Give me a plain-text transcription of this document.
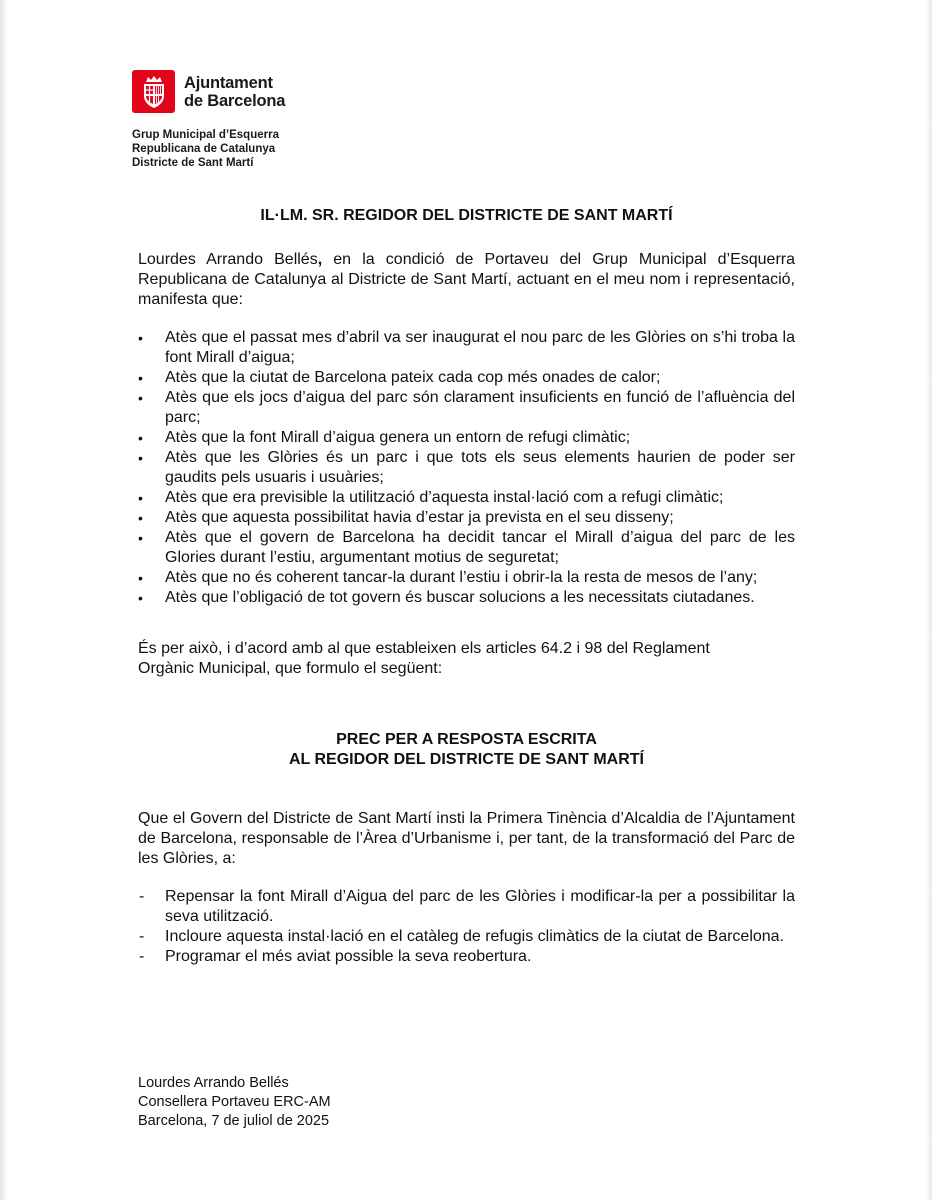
Ajuntament
de Barcelona
Grup Municipal d’Esquerra
Republicana de Catalunya
Districte de Sant Martí
IL·LM. SR. REGIDOR DEL DISTRICTE DE SANT MARTÍ
Lourdes Arrando Bellés, en la condició de Portaveu del Grup Municipal d’Esquerra Republicana de Catalunya al Districte de Sant Martí, actuant en el meu nom i representació, manifesta que:
• Atès que el passat mes d’abril va ser inaugurat el nou parc de les Glòries on s’hi troba la font Mirall d’aigua;
• Atès que la ciutat de Barcelona pateix cada cop més onades de calor;
• Atès que els jocs d’aigua del parc són clarament insuficients en funció de l’afluència del parc;
• Atès que la font Mirall d’aigua genera un entorn de refugi climàtic;
• Atès que les Glòries és un parc i que tots els seus elements haurien de poder ser gaudits pels usuaris i usuàries;
• Atès que era previsible la utilització d’aquesta instal·lació com a refugi climàtic;
• Atès que aquesta possibilitat havia d’estar ja prevista en el seu disseny;
• Atès que el govern de Barcelona ha decidit tancar el Mirall d’aigua del parc de les Glories durant l’estiu, argumentant motius de seguretat;
• Atès que no és coherent tancar-la durant l’estiu i obrir-la la resta de mesos de l’any;
• Atès que l’obligació de tot govern és buscar solucions a les necessitats ciutadanes.
És per això, i d’acord amb al que estableixen els articles 64.2 i 98 del Reglament Orgànic Municipal, que formulo el següent:
PREC PER A RESPOSTA ESCRITA
AL REGIDOR DEL DISTRICTE DE SANT MARTÍ
Que el Govern del Districte de Sant Martí insti la Primera Tinència d’Alcaldia de l’Ajuntament de Barcelona, responsable de l’Àrea d’Urbanisme i, per tant, de la transformació del Parc de les Glòries, a:
- Repensar la font Mirall d’Aigua del parc de les Glòries i modificar-la per a possibilitar la seva utilització.
- Incloure aquesta instal·lació en el catàleg de refugis climàtics de la ciutat de Barcelona.
- Programar el més aviat possible la seva reobertura.
Lourdes Arrando Bellés
Consellera Portaveu ERC-AM
Barcelona, 7 de juliol de 2025
